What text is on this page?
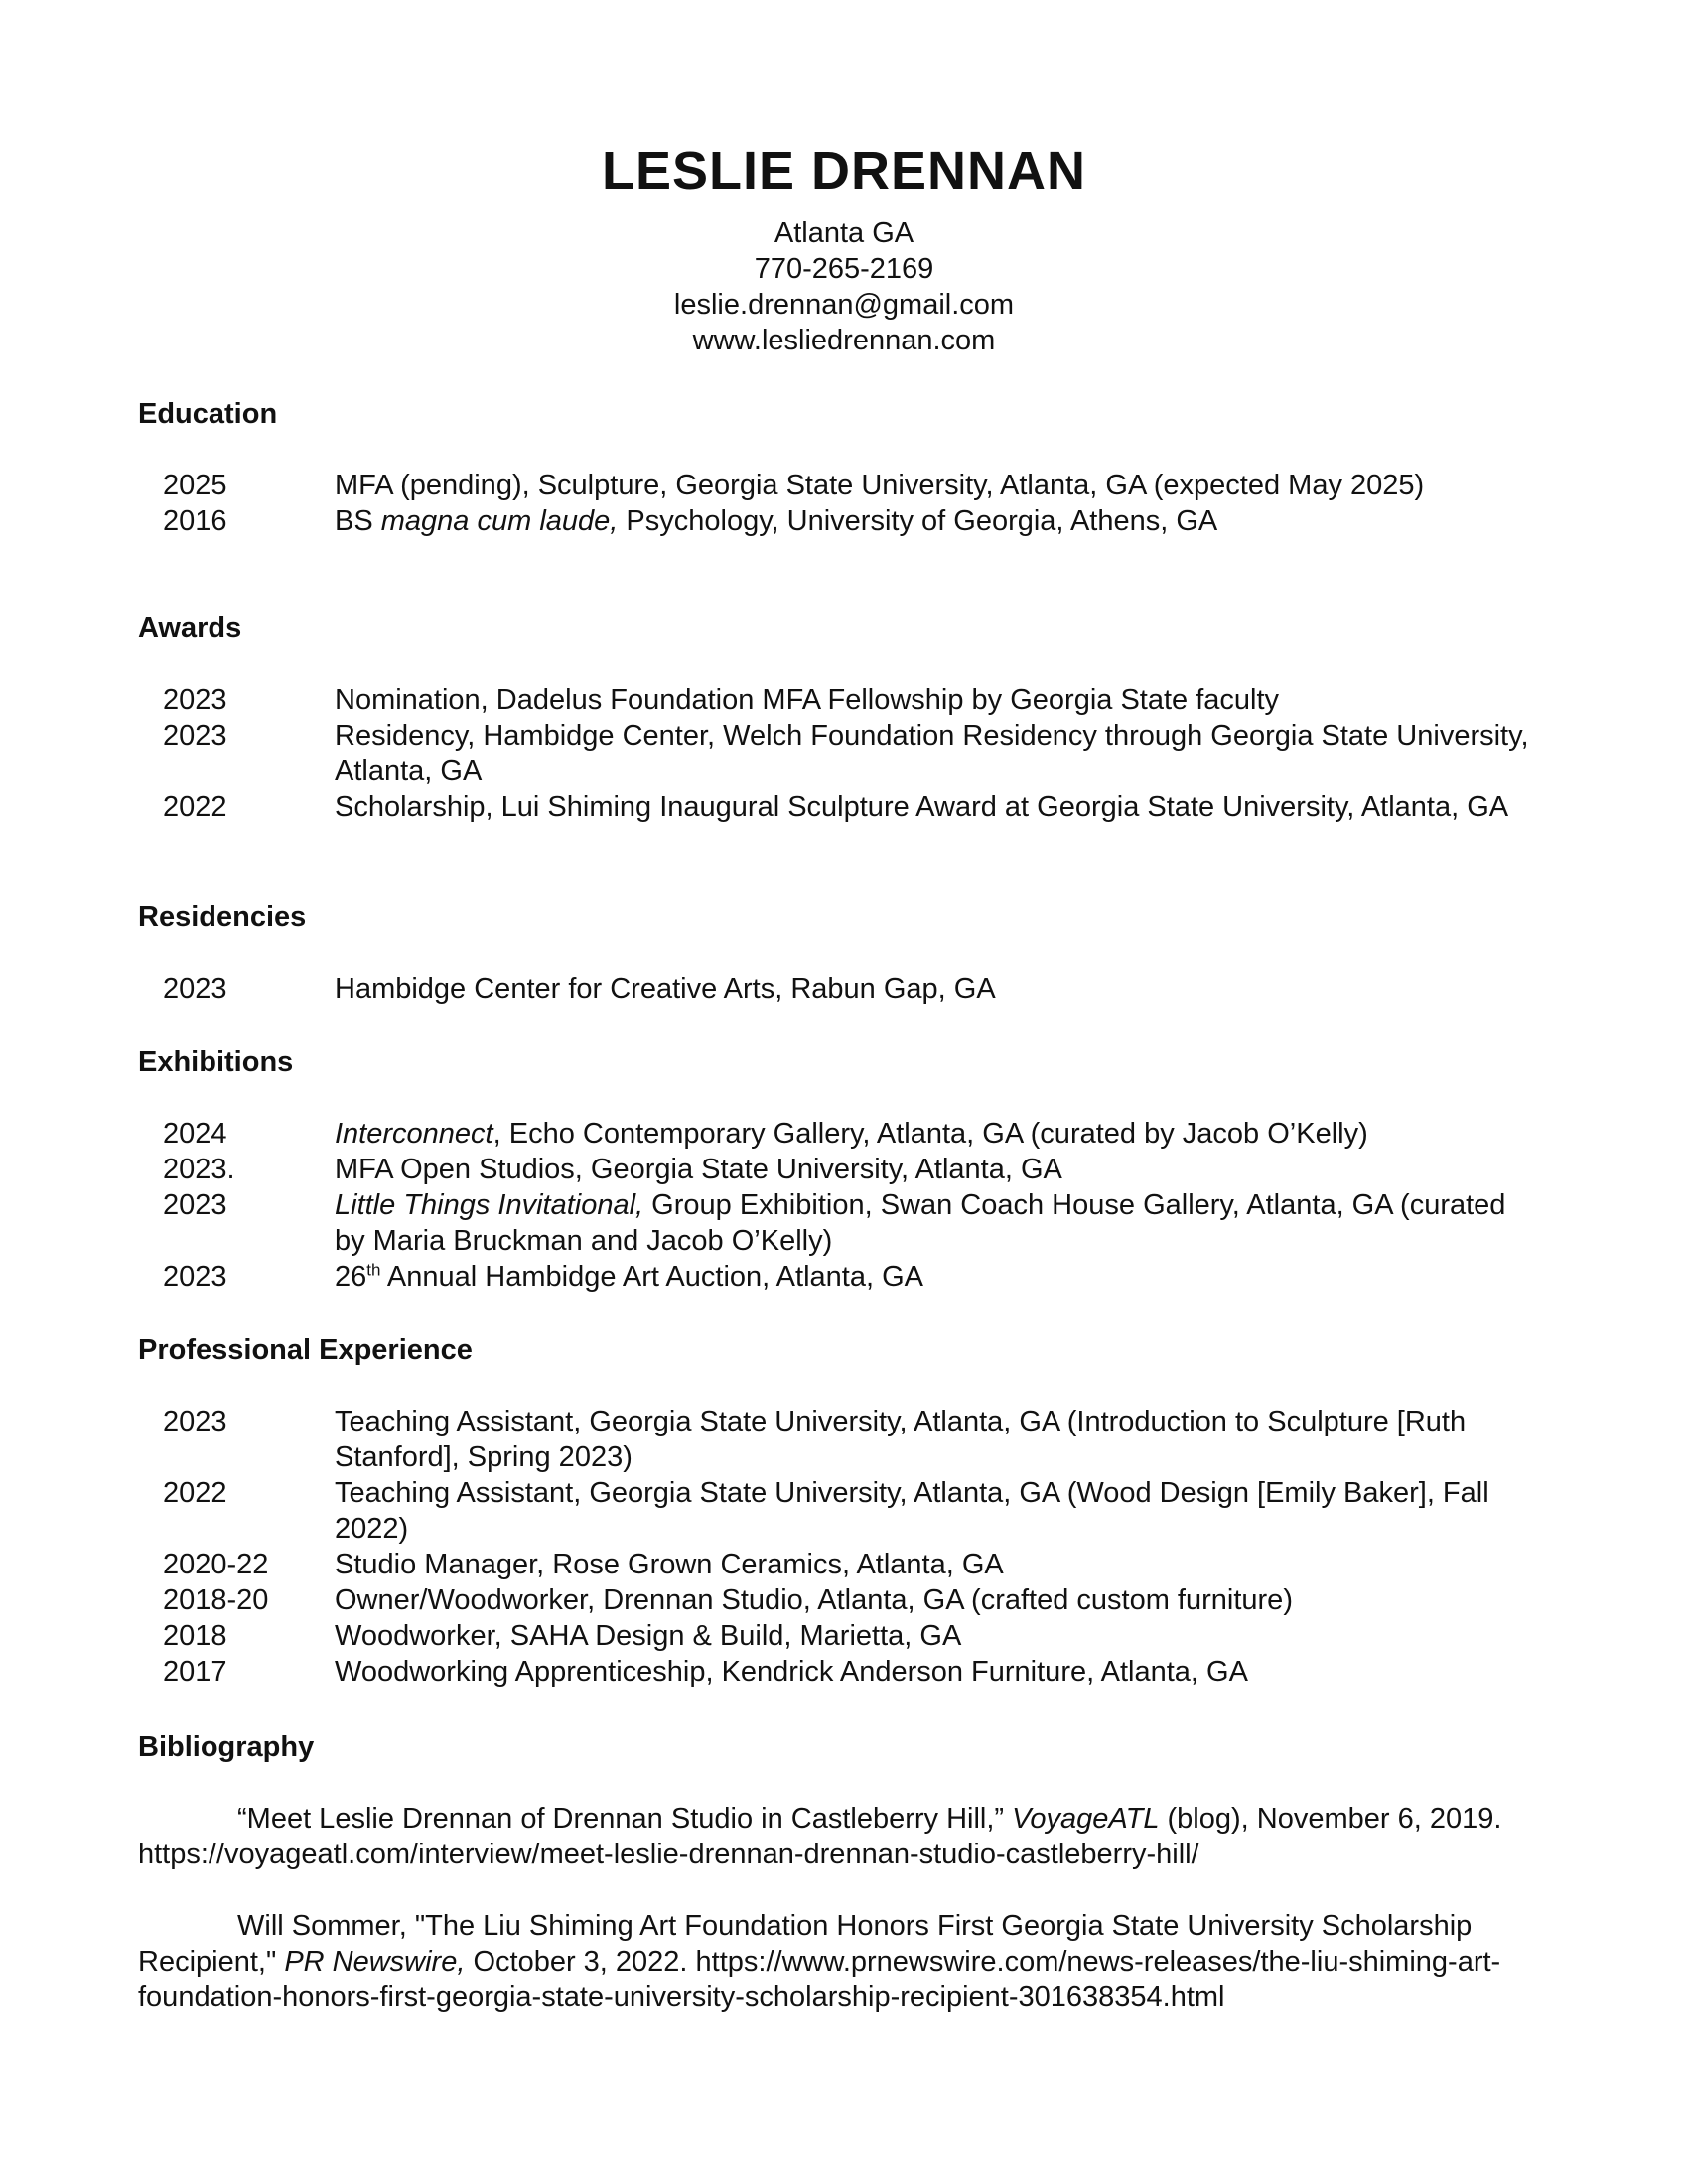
LESLIE DRENNAN
Atlanta GA
770-265-2169
leslie.drennan@gmail.com
www.lesliedrennan.com
Education
2025	MFA (pending), Sculpture, Georgia State University, Atlanta, GA (expected May 2025)
2016	BS magna cum laude, Psychology, University of Georgia, Athens, GA
Awards
2023	Nomination, Dadelus Foundation MFA Fellowship by Georgia State faculty
2023	Residency, Hambidge Center, Welch Foundation Residency through Georgia State University, Atlanta, GA
2022	Scholarship, Lui Shiming Inaugural Sculpture Award at Georgia State University, Atlanta, GA
Residencies
2023	Hambidge Center for Creative Arts, Rabun Gap, GA
Exhibitions
2024	Interconnect, Echo Contemporary Gallery, Atlanta, GA (curated by Jacob O’Kelly)
2023.	MFA Open Studios, Georgia State University, Atlanta, GA
2023	Little Things Invitational, Group Exhibition, Swan Coach House Gallery, Atlanta, GA (curated by Maria Bruckman and Jacob O’Kelly)
2023	26th Annual Hambidge Art Auction, Atlanta, GA
Professional Experience
2023	Teaching Assistant, Georgia State University, Atlanta, GA (Introduction to Sculpture [Ruth Stanford], Spring 2023)
2022	Teaching Assistant, Georgia State University, Atlanta, GA (Wood Design [Emily Baker], Fall 2022)
2020-22	Studio Manager, Rose Grown Ceramics, Atlanta, GA
2018-20	Owner/Woodworker, Drennan Studio, Atlanta, GA (crafted custom furniture)
2018	Woodworker, SAHA Design & Build, Marietta, GA
2017	Woodworking Apprenticeship, Kendrick Anderson Furniture, Atlanta, GA
Bibliography

“Meet Leslie Drennan of Drennan Studio in Castleberry Hill,” VoyageATL (blog), November 6, 2019. https://voyageatl.com/interview/meet-leslie-drennan-drennan-studio-castleberry-hill/

Will Sommer, "The Liu Shiming Art Foundation Honors First Georgia State University Scholarship Recipient," PR Newswire, October 3, 2022. https://www.prnewswire.com/news-releases/the-liu-shiming-art-foundation-honors-first-georgia-state-university-scholarship-recipient-301638354.html
